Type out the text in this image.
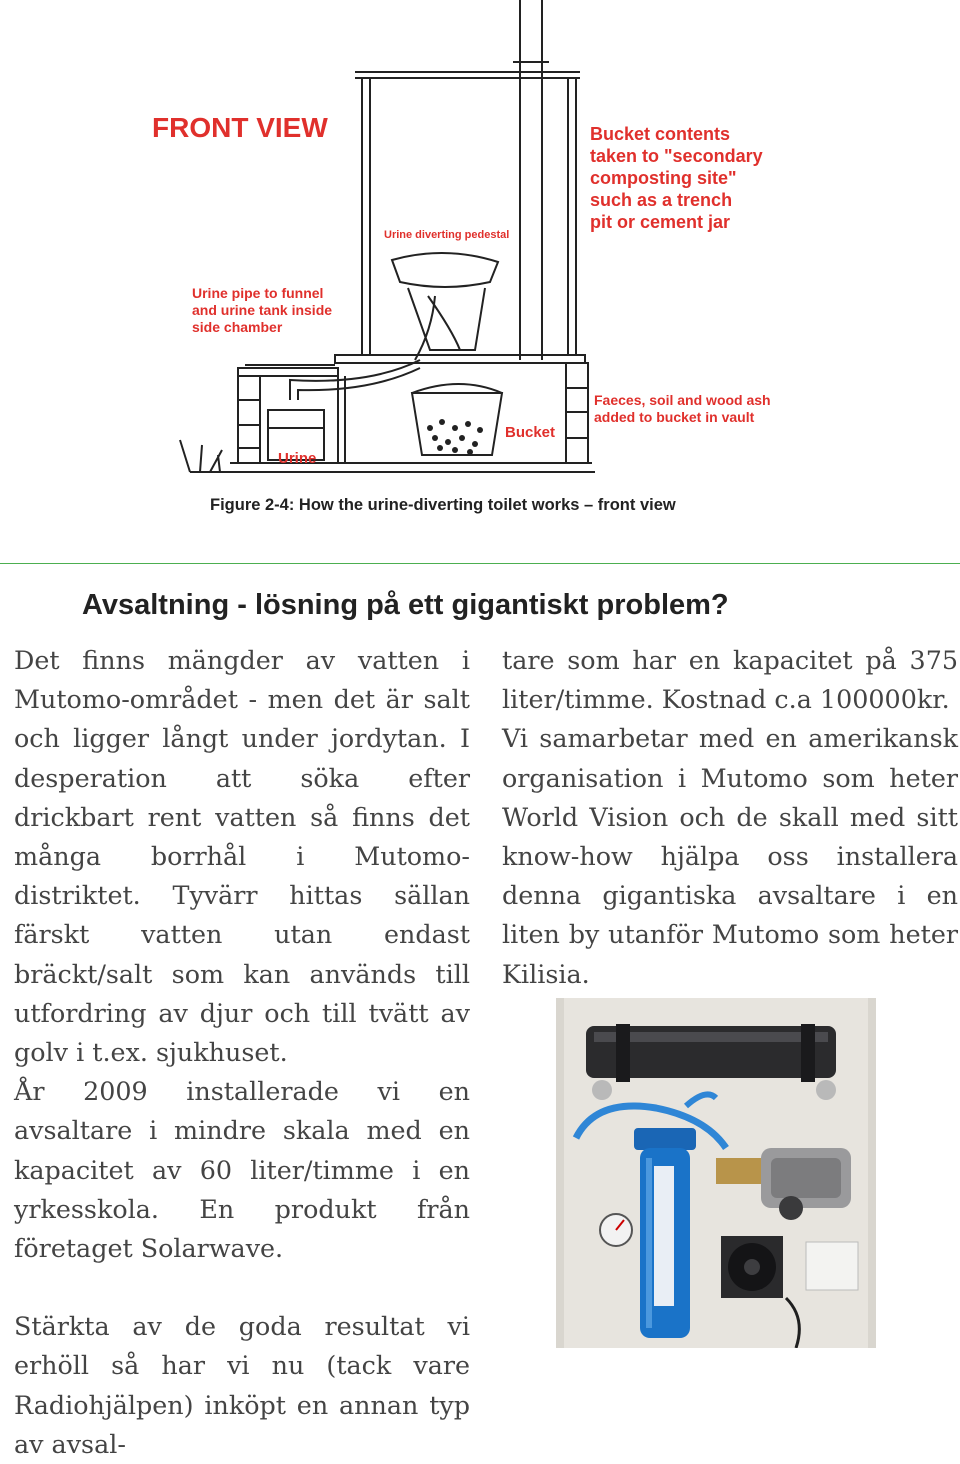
FRONT VIEW	Bucket contents
taken to "secondary
composting site"
such as a trench
pit or cement jar
Urine diverting pedestal
Urine pipe to funnel
and urine tank inside
side chamber
Faeces, soil and wood ash
added to bucket in vault
Bucket
Urine
Figure 2-4: How the urine-diverting toilet works – front view
Avsaltning - lösning på ett gigantiskt problem?

Det finns mängder av vatten i Mutomo-området - men det är salt och ligger långt under jordytan. I desperation att söka efter drickbart rent vatten så finns det många borrhål i Mutomo-distriktet. Tyvärr hittas sällan färskt vatten utan endast bräckt/salt som kan används till utfordring av djur och till tvätt av golv i t.ex. sjukhuset.

År 2009 installerade vi en avsaltare i mindre skala med en kapacitet av 60 liter/timme i en yrkesskola. En produkt från företaget Solarwave.

Stärkta av de goda resultat vi erhöll så har vi nu (tack vare Radiohjälpen) inköpt en annan typ av avsal-

tare som har en kapacitet på 375 liter/timme. Kostnad c.a 100000kr.

Vi samarbetar med en amerikansk organisation i Mutomo som heter World Vision och de skall med sitt know-how hjälpa oss installera denna gigantiska avsaltare i en liten by utanför Mutomo som heter Kilisia.
